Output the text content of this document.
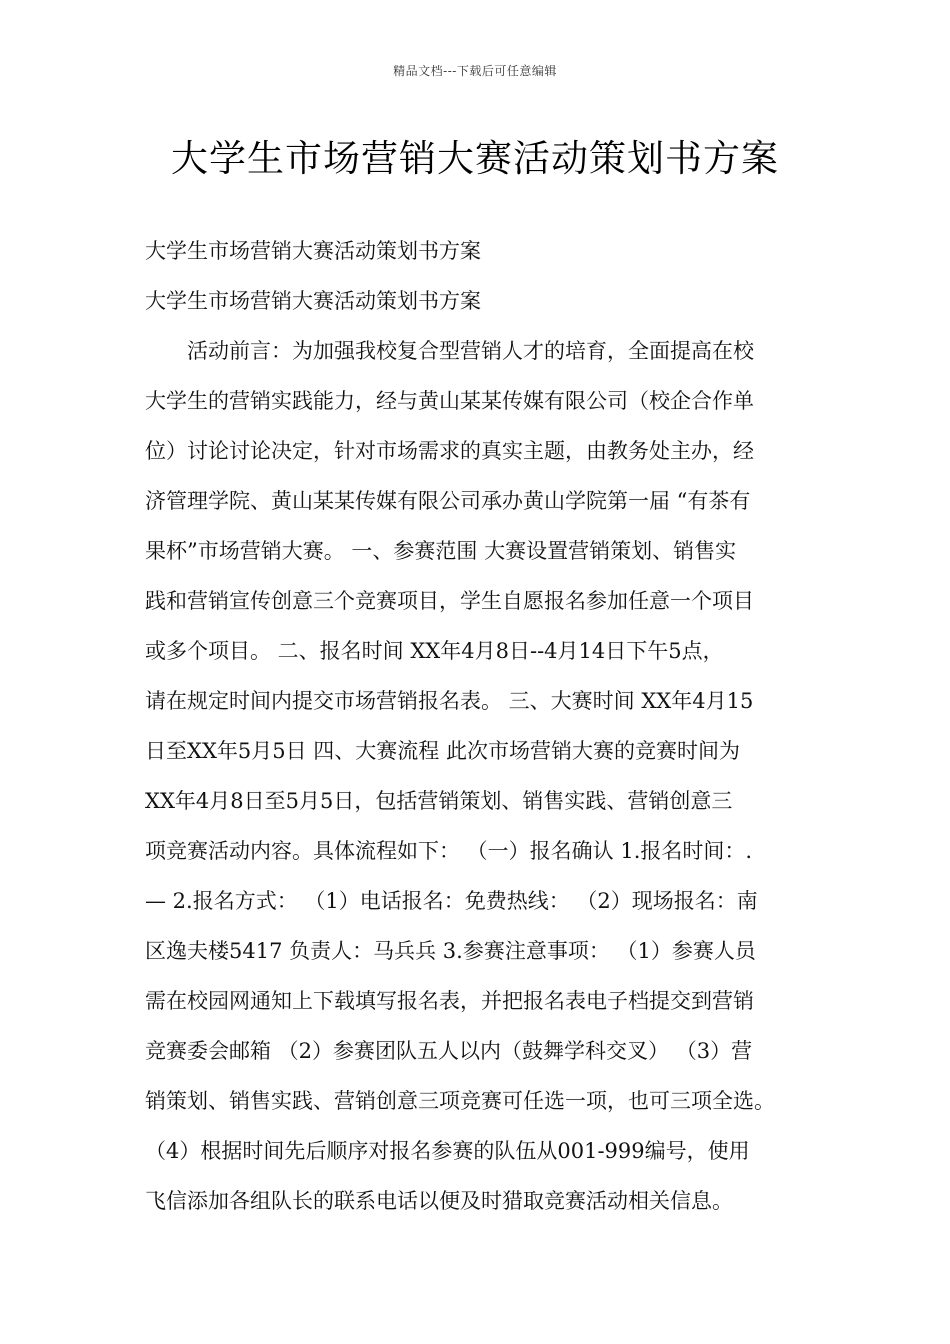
精品文档---下载后可任意编辑
大学生市场营销大赛活动策划书方案
大学生市场营销大赛活动策划书方案
大学生市场营销大赛活动策划书方案
　　活动前言：为加强我校复合型营销人才的培育，全面提高在校
大学生的营销实践能力，经与黄山某某传媒有限公司（校企合作单
位）讨论讨论决定，针对市场需求的真实主题，由教务处主办，经
济管理学院、黄山某某传媒有限公司承办黄山学院第一届 “有茶有
果杯”市场营销大赛。 一、参赛范围 大赛设置营销策划、销售实
践和营销宣传创意三个竞赛项目，学生自愿报名参加任意一个项目
或多个项目。 二、报名时间 XX年4月8日--4月14日下午5点，
请在规定时间内提交市场营销报名表。 三、大赛时间 XX年4月15
日至XX年5月5日 四、大赛流程 此次市场营销大赛的竞赛时间为
XX年4月8日至5月5日，包括营销策划、销售实践、营销创意三
项竞赛活动内容。具体流程如下： （一）报名确认 1.报名时间：.
— 2.报名方式： （1）电话报名：免费热线： （2）现场报名：南
区逸夫楼5417 负责人：马兵兵 3.参赛注意事项： （1）参赛人员
需在校园网通知上下载填写报名表，并把报名表电子档提交到营销
竞赛委会邮箱 （2）参赛团队五人以内（鼓舞学科交叉） （3）营
销策划、销售实践、营销创意三项竞赛可任选一项，也可三项全选。
（4）根据时间先后顺序对报名参赛的队伍从001-999编号，使用
飞信添加各组队长的联系电话以便及时猎取竞赛活动相关信息。
